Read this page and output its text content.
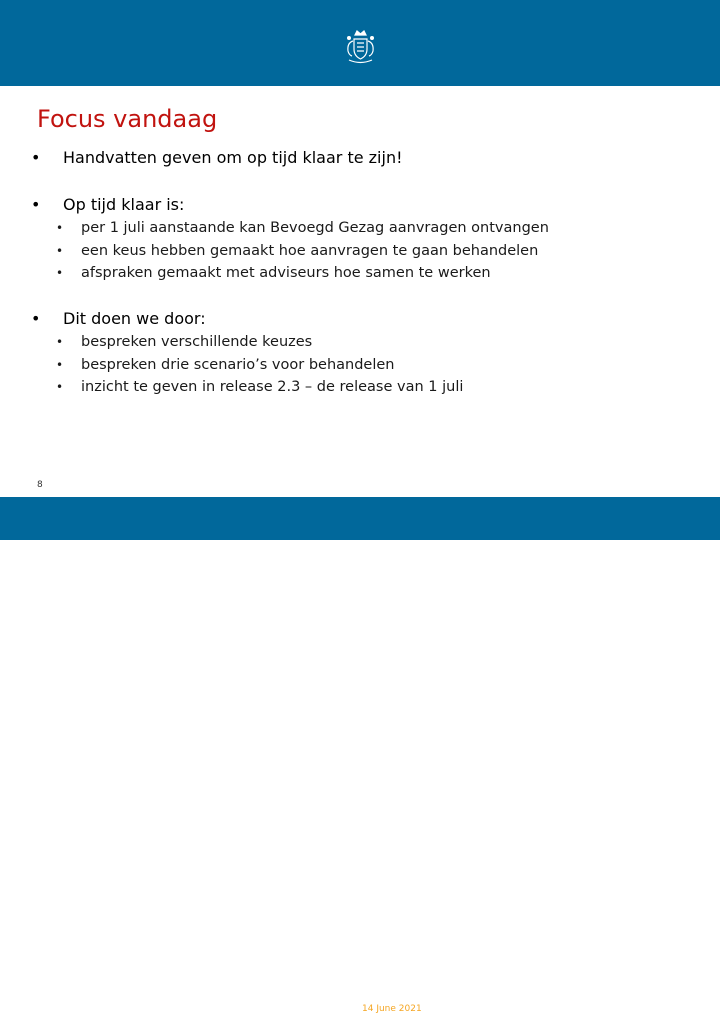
Focus vandaag
• Handvatten geven om op tijd klaar te zijn!
• Op tijd klaar is:
• per 1 juli aanstaande kan Bevoegd Gezag aanvragen ontvangen
• een keus hebben gemaakt hoe aanvragen te gaan behandelen
• afspraken gemaakt met adviseurs hoe samen te werken
• Dit doen we door:
• bespreken verschillende keuzes
• bespreken drie scenario’s voor behandelen
• inzicht te geven in release 2.3 – de release van 1 juli
8
14 June 2021
